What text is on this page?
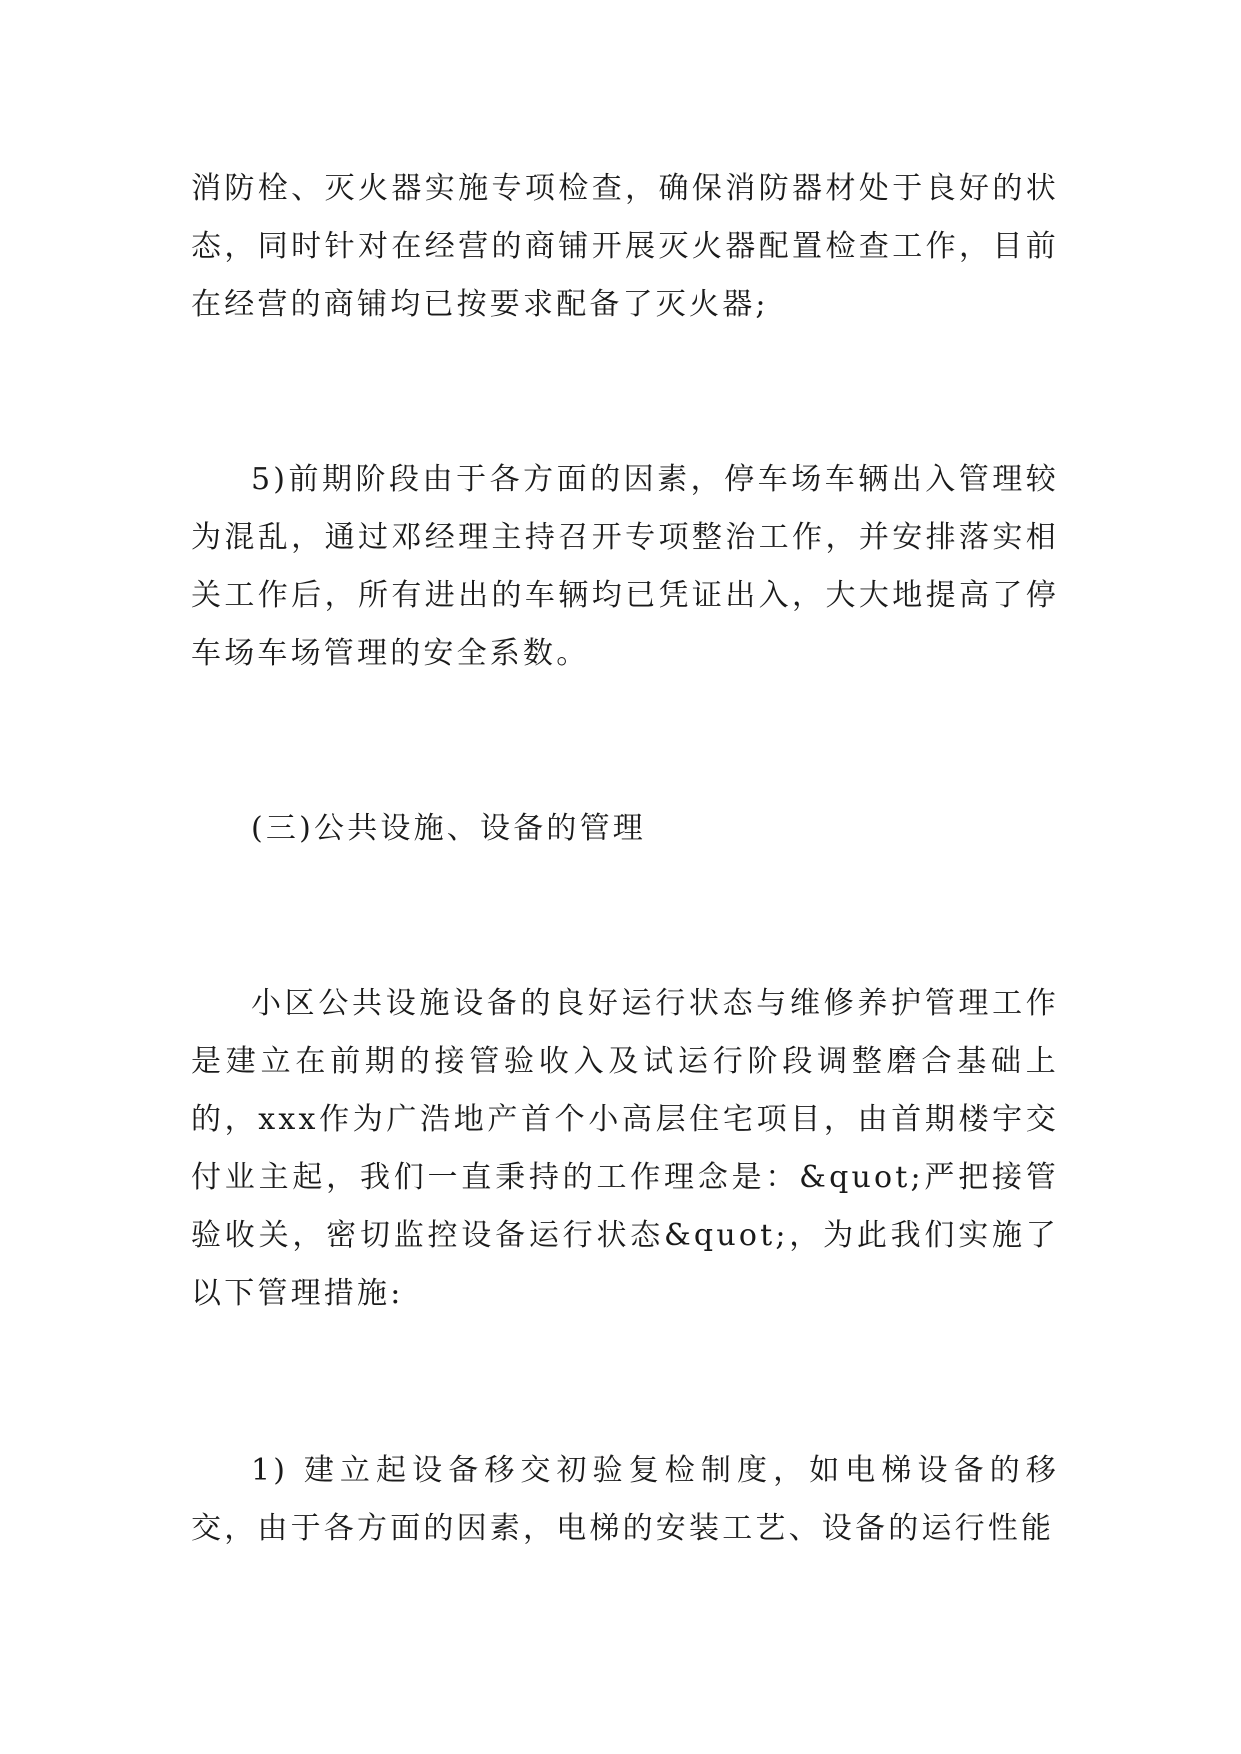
消防栓、灭火器实施专项检查，确保消防器材处于良好的状态，同时针对在经营的商铺开展灭火器配置检查工作，目前在经营的商铺均已按要求配备了灭火器;

5)前期阶段由于各方面的因素，停车场车辆出入管理较为混乱，通过邓经理主持召开专项整治工作，并安排落实相关工作后，所有进出的车辆均已凭证出入，大大地提高了停车场车场管理的安全系数。

(三)公共设施、设备的管理

小区公共设施设备的良好运行状态与维修养护管理工作是建立在前期的接管验收入及试运行阶段调整磨合基础上的，xxx作为广浩地产首个小高层住宅项目，由首期楼宇交付业主起，我们一直秉持的工作理念是：&quot;严把接管验收关，密切监控设备运行状态&quot;，为此我们实施了以下管理措施:

1) 建立起设备移交初验复检制度，如电梯设备的移交，由于各方面的因素，电梯的安装工艺、设备的运行性能
